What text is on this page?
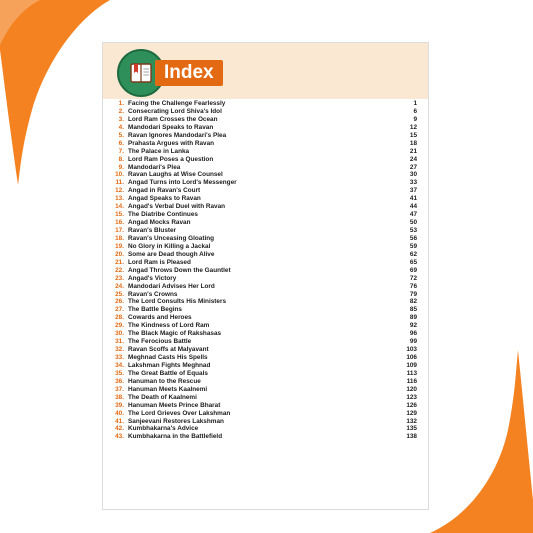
Index
1. Facing the Challenge Fearlessly	1
2. Consecrating Lord Shiva's Idol	6
3. Lord Ram Crosses the Ocean	9
4. Mandodari Speaks to Ravan	12
5. Ravan Ignores Mandodari's Plea	15
6. Prahasta Argues with Ravan	18
7. The Palace in Lanka	21
8. Lord Ram Poses a Question	24
9. Mandodari's Plea	27
10. Ravan Laughs at Wise Counsel	30
11. Angad Turns into Lord's Messenger	33
12. Angad in Ravan's Court	37
13. Angad Speaks to Ravan	41
14. Angad's Verbal Duel with Ravan	44
15. The Diatribe Continues	47
16. Angad Mocks Ravan	50
17. Ravan's Bluster	53
18. Ravan's Unceasing Gloating	56
19. No Glory in Killing a Jackal	59
20. Some are Dead though Alive	62
21. Lord Ram is Pleased	65
22. Angad Throws Down the Gauntlet	69
23. Angad's Victory	72
24. Mandodari Advises Her Lord	76
25. Ravan's Crowns	79
26. The Lord Consults His Ministers	82
27. The Battle Begins	85
28. Cowards and Heroes	89
29. The Kindness of Lord Ram	92
30. The Black Magic of Rakshasas	96
31. The Ferocious Battle	99
32. Ravan Scoffs at Malyavant	103
33. Meghnad Casts His Spells	106
34. Lakshman Fights Meghnad	109
35. The Great Battle of Equals	113
36. Hanuman to the Rescue	116
37. Hanuman Meets Kaalnemi	120
38. The Death of Kaalnemi	123
39. Hanuman Meets Prince Bharat	126
40. The Lord Grieves Over Lakshman	129
41. Sanjeevani Restores Lakshman	132
42. Kumbhakarna's Advice	135
43. Kumbhakarna in the Battlefield	138
